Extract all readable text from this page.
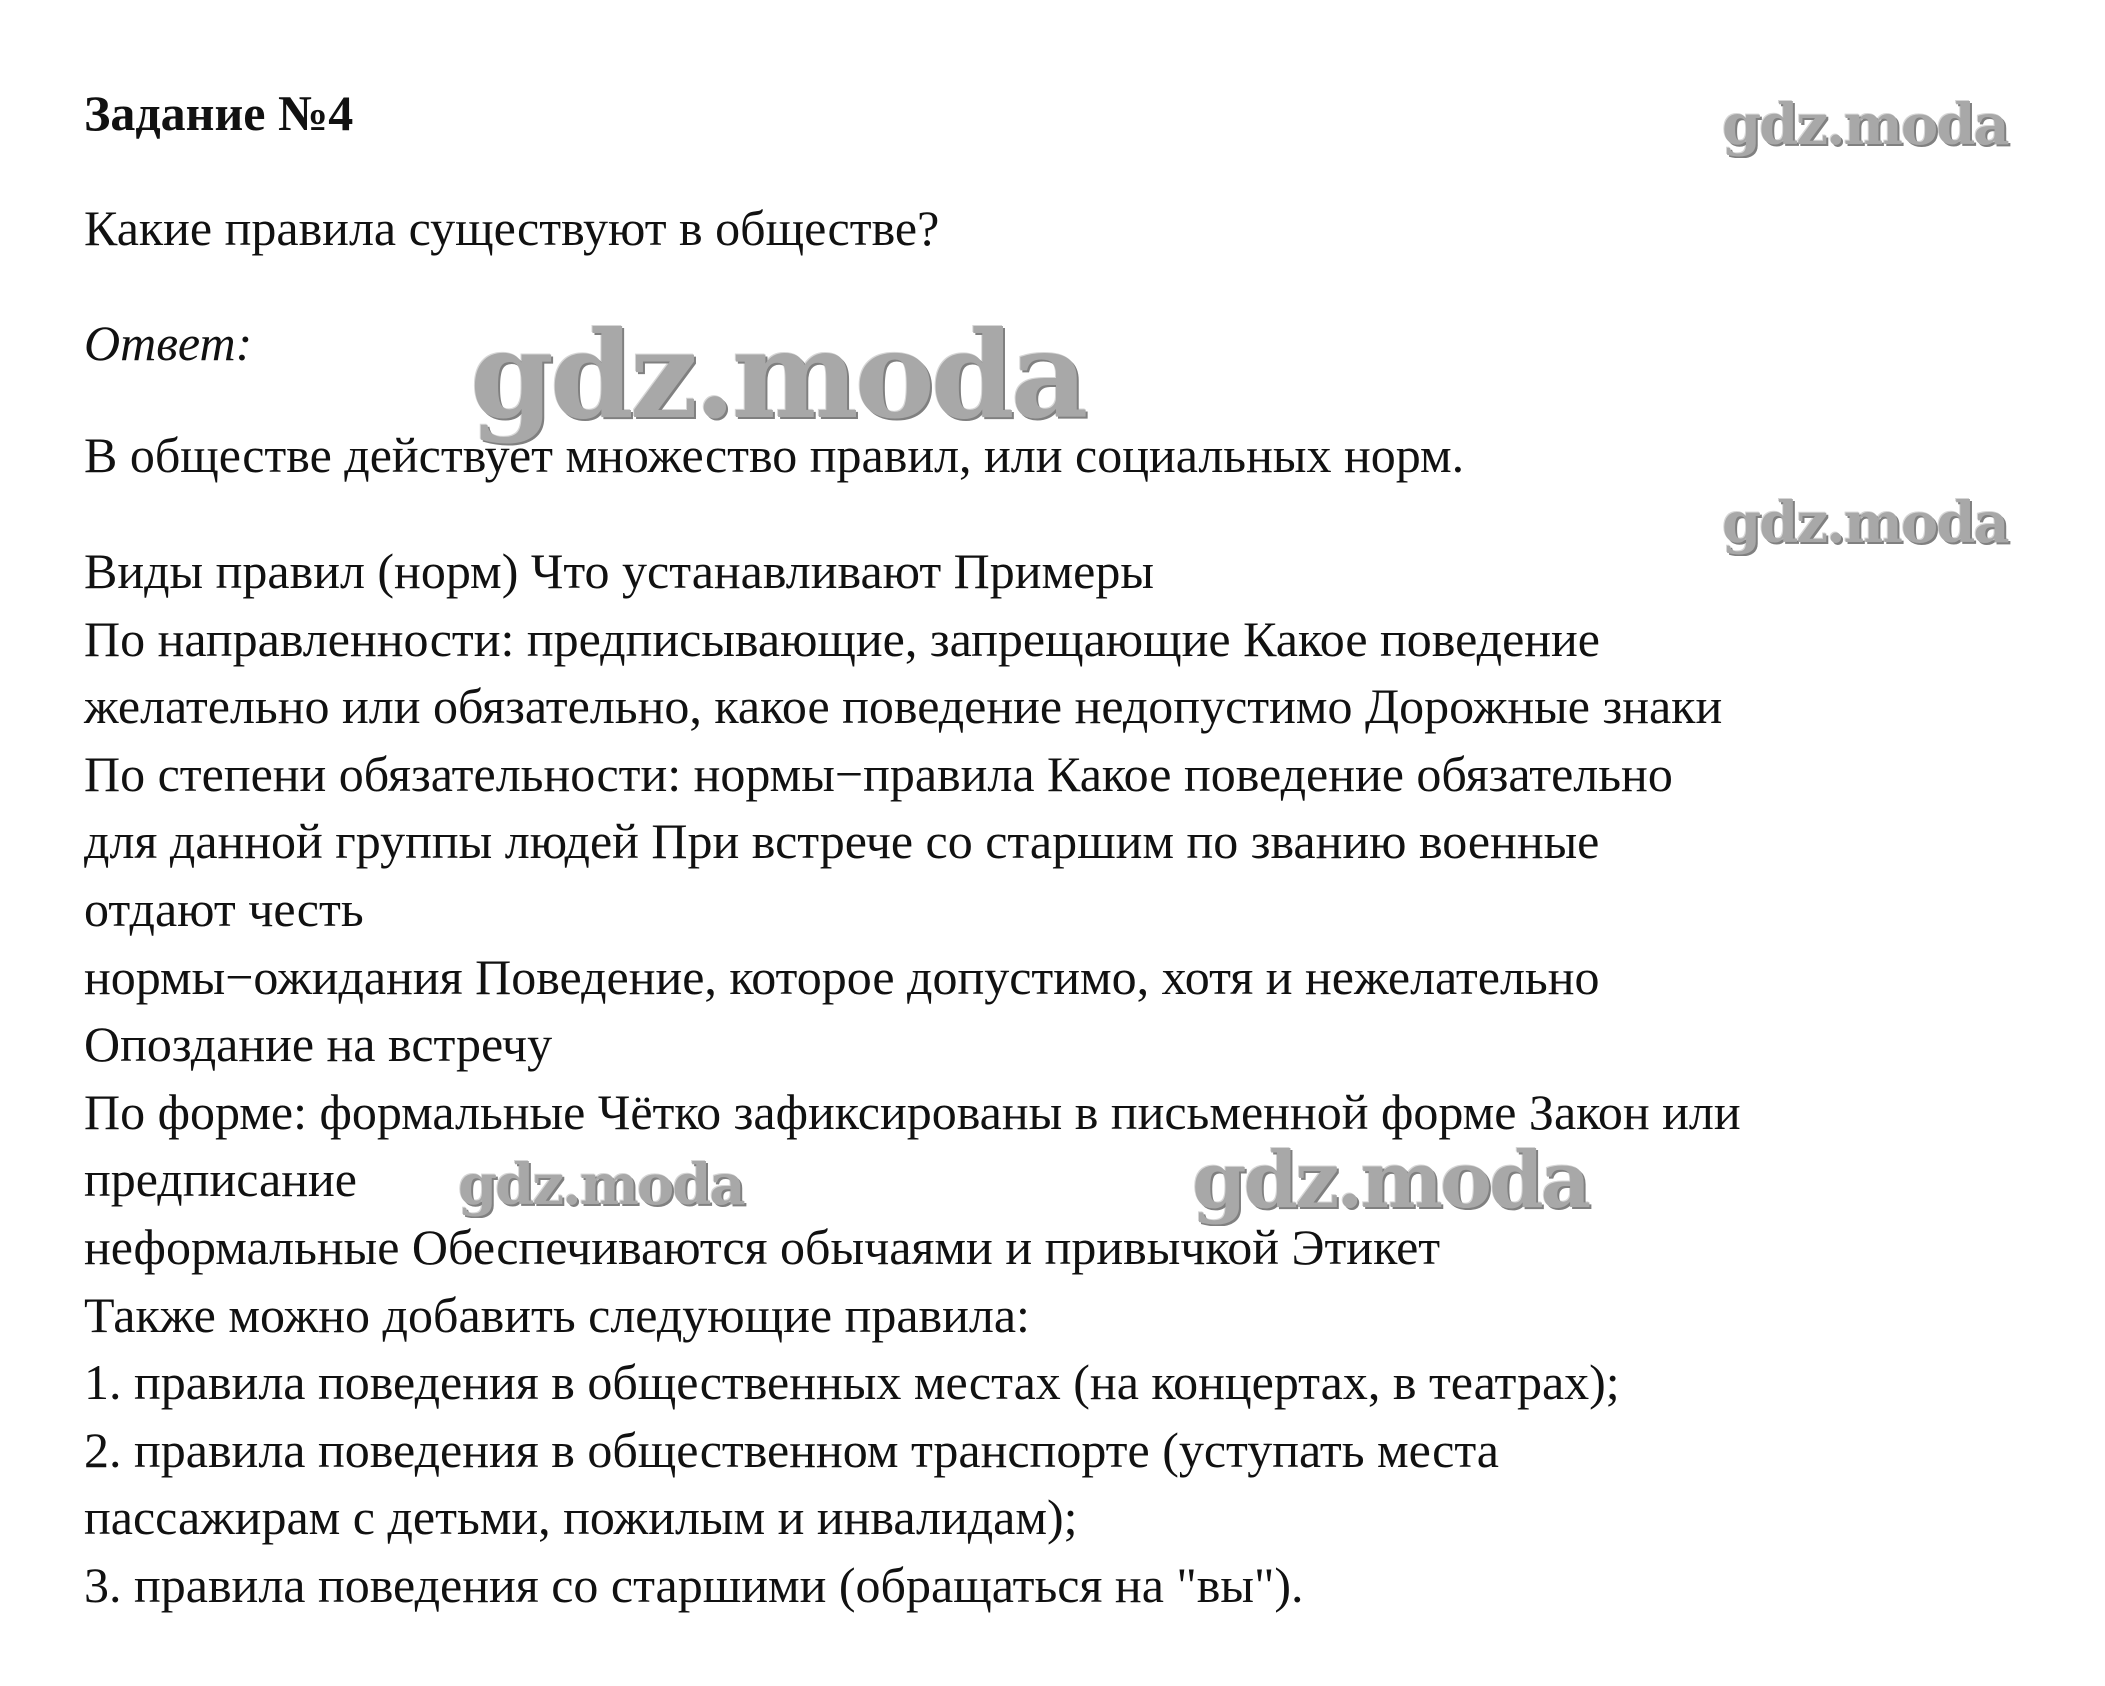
Задание №4
Какие правила существуют в обществе?
Ответ:
В обществе действует множество правил, или социальных норм.
Виды правил (норм) Что устанавливают Примеры
По направленности: предписывающие, запрещающие Какое поведение
желательно или обязательно, какое поведение недопустимо Дорожные знаки
По степени обязательности: нормы−правила Какое поведение обязательно
для данной группы людей При встрече со старшим по званию военные
отдают честь
нормы−ожидания Поведение, которое допустимо, хотя и нежелательно
Опоздание на встречу
По форме: формальные Чётко зафиксированы в письменной форме Закон или
предписание
неформальные Обеспечиваются обычаями и привычкой Этикет
Также можно добавить следующие правила:
1. правила поведения в общественных местах (на концертах, в театрах);
2. правила поведения в общественном транспорте (уступать места
пассажирам с детьми, пожилым и инвалидам);
3. правила поведения со старшими (обращаться на "вы").
gdz.moda
gdz.moda
gdz.moda
gdz.moda	gdz.moda
